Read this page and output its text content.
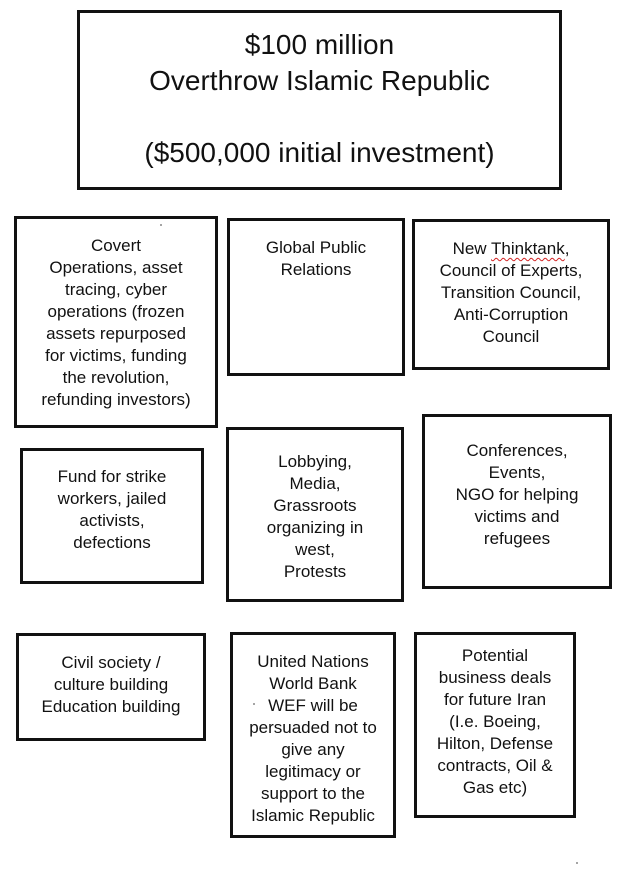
$100 million
Overthrow Islamic Republic
($500,000 initial investment)
Covert
Operations, asset
tracing, cyber
operations (frozen
assets repurposed
for victims, funding
the revolution,
refunding investors)
Global Public
Relations
New Thinktank,
Council of Experts,
Transition Council,
Anti-Corruption
Council
Fund for strike
workers, jailed
activists,
defections
Lobbying,
Media,
Grassroots
organizing in
west,
Protests
Conferences,
Events,
NGO for helping
victims and
refugees
Civil society /
culture building
Education building
United Nations
World Bank
WEF will be
persuaded not to
give any
legitimacy or
support to the
Islamic Republic
Potential
business deals
for future Iran
(I.e. Boeing,
Hilton, Defense
contracts, Oil &
Gas etc)
